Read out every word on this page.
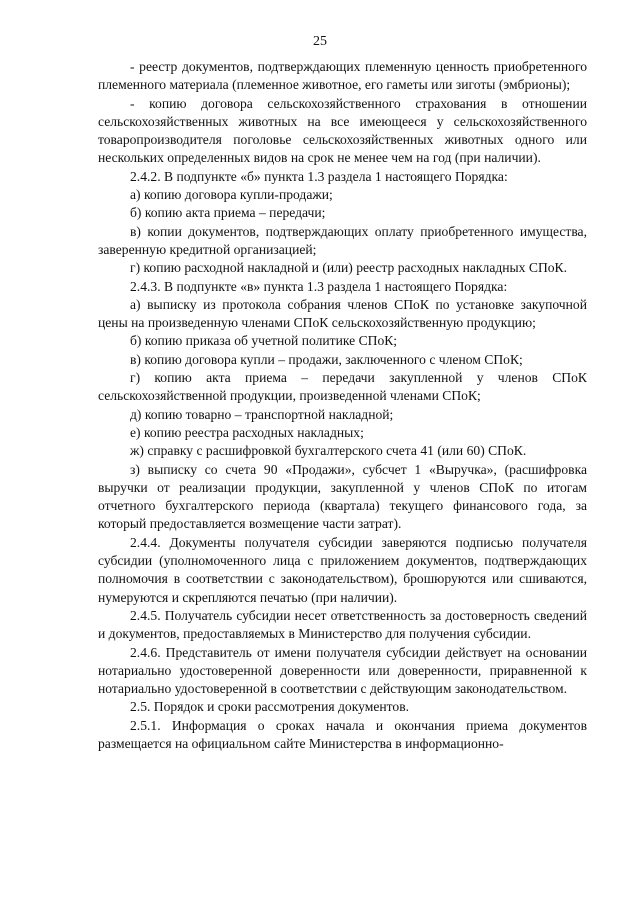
25

- реестр документов, подтверждающих племенную ценность приобретенного племенного материала (племенное животное, его гаметы или зиготы (эмбрионы);

- копию договора сельскохозяйственного страхования в отношении сельскохозяйственных животных на все имеющееся у сельскохозяйственного товаропроизводителя поголовье сельскохозяйственных животных одного или нескольких определенных видов на срок не менее чем на год (при наличии).

2.4.2. В подпункте «б» пункта 1.3 раздела 1 настоящего Порядка:

а) копию договора купли-продажи;

б) копию акта приема – передачи;

в) копии документов, подтверждающих оплату приобретенного имущества, заверенную кредитной организацией;

г) копию расходной накладной и (или) реестр расходных накладных СПоК.

2.4.3. В подпункте «в» пункта 1.3 раздела 1 настоящего Порядка:

а) выписку из протокола собрания членов СПоК по установке закупочной цены на произведенную членами СПоК сельскохозяйственную продукцию;

б) копию приказа об учетной политике СПоК;

в) копию договора купли – продажи, заключенного с членом СПоК;

г) копию акта приема – передачи закупленной у членов СПоК сельскохозяйственной продукции, произведенной членами СПоК;

д) копию товарно – транспортной накладной;

е) копию реестра расходных накладных;

ж) справку с расшифровкой бухгалтерского счета 41 (или 60) СПоК.

з) выписку со счета 90 «Продажи», субсчет 1 «Выручка», (расшифровка выручки от реализации продукции, закупленной у членов СПоК по итогам отчетного бухгалтерского периода (квартала) текущего финансового года, за который предоставляется возмещение части затрат).

2.4.4. Документы получателя субсидии заверяются подписью получателя субсидии (уполномоченного лица с приложением документов, подтверждающих полномочия в соответствии с законодательством), брошюруются или сшиваются, нумеруются и скрепляются печатью (при наличии).

2.4.5. Получатель субсидии несет ответственность за достоверность сведений и документов, предоставляемых в Министерство для получения субсидии.

2.4.6. Представитель от имени получателя субсидии действует на основании нотариально удостоверенной доверенности или доверенности, приравненной к нотариально удостоверенной в соответствии с действующим законодательством.

2.5. Порядок и сроки рассмотрения документов.

2.5.1. Информация о сроках начала и окончания приема документов размещается на официальном сайте Министерства в информационно-
